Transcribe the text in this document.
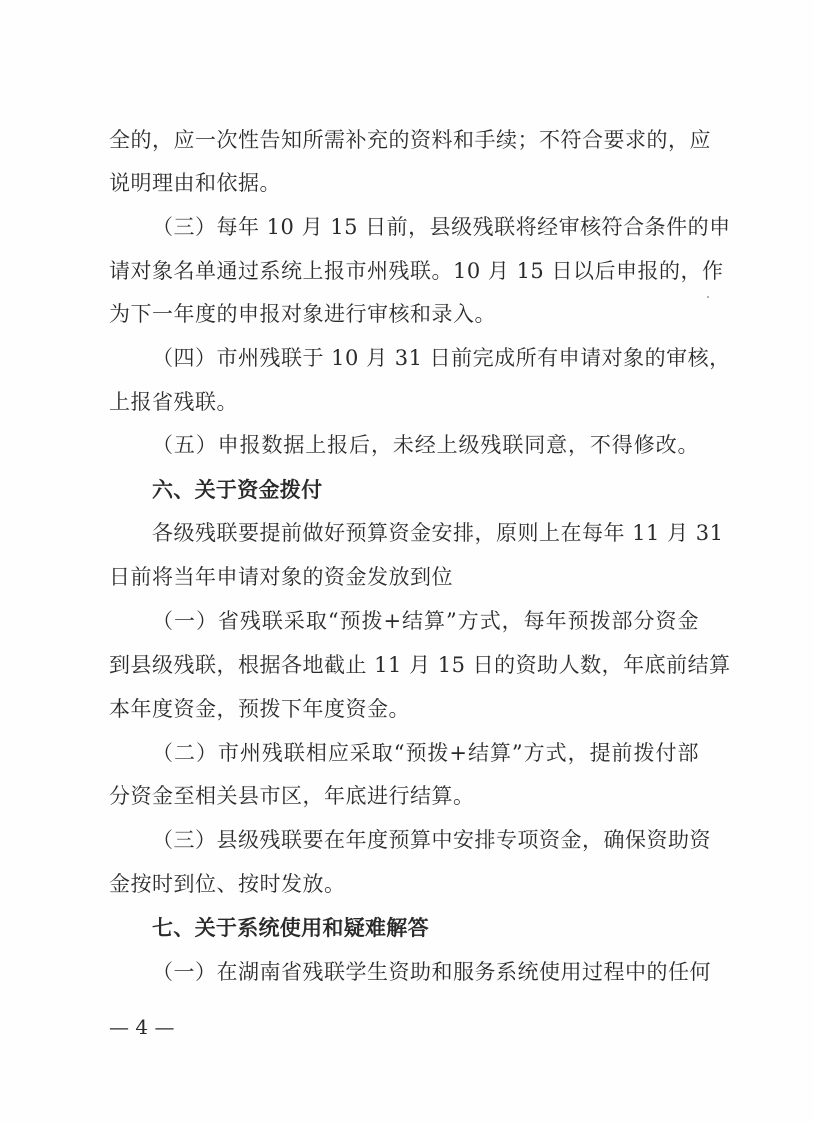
全的，应一次性告知所需补充的资料和手续；不符合要求的，应
说明理由和依据。
（三）每年 10 月 15 日前，县级残联将经审核符合条件的申
请对象名单通过系统上报市州残联。10 月 15 日以后申报的，作
为下一年度的申报对象进行审核和录入。
（四）市州残联于 10 月 31 日前完成所有申请对象的审核，
上报省残联。
（五）申报数据上报后，未经上级残联同意，不得修改。
六、关于资金拨付
各级残联要提前做好预算资金安排，原则上在每年 11 月 31
日前将当年申请对象的资金发放到位
（一）省残联采取“预拨+结算”方式，每年预拨部分资金
到县级残联，根据各地截止 11 月 15 日的资助人数，年底前结算
本年度资金，预拨下年度资金。
（二）市州残联相应采取“预拨+结算”方式，提前拨付部
分资金至相关县市区，年底进行结算。
（三）县级残联要在年度预算中安排专项资金，确保资助资
金按时到位、按时发放。
七、关于系统使用和疑难解答
（一）在湖南省残联学生资助和服务系统使用过程中的任何
— 4 —
